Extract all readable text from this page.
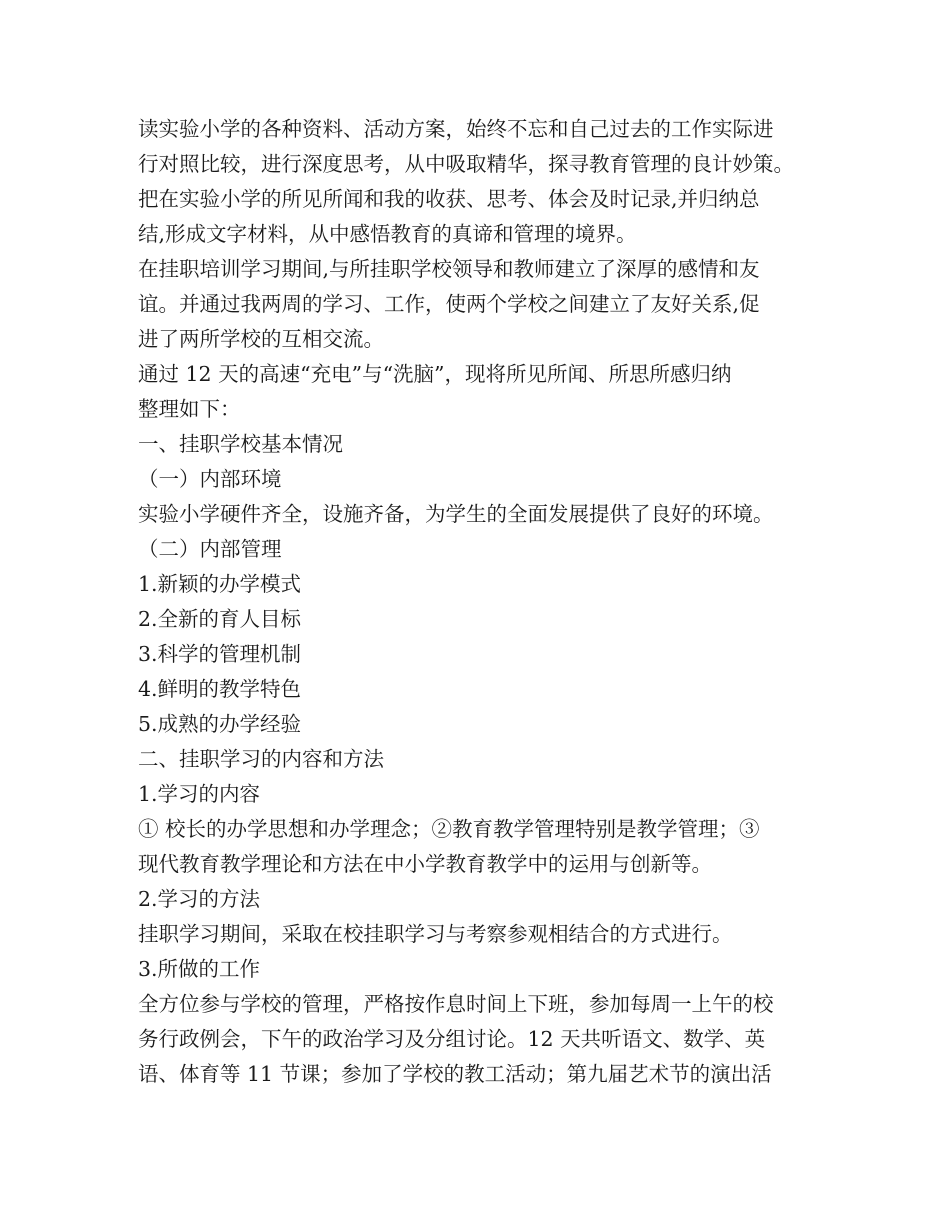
读实验小学的各种资料、活动方案，始终不忘和自己过去的工作实际进
行对照比较，进行深度思考，从中吸取精华，探寻教育管理的良计妙策。
把在实验小学的所见所闻和我的收获、思考、体会及时记录,并归纳总
结,形成文字材料，从中感悟教育的真谛和管理的境界。
在挂职培训学习期间,与所挂职学校领导和教师建立了深厚的感情和友
谊。并通过我两周的学习、工作，使两个学校之间建立了友好关系,促
进了两所学校的互相交流。
通过 12 天的高速“充电”与“洗脑”，现将所见所闻、所思所感归纳
整理如下：
一、挂职学校基本情况
（一）内部环境
实验小学硬件齐全，设施齐备，为学生的全面发展提供了良好的环境。
（二）内部管理
1.新颖的办学模式
2.全新的育人目标
3.科学的管理机制
4.鲜明的教学特色
5.成熟的办学经验
二、挂职学习的内容和方法
1.学习的内容
① 校长的办学思想和办学理念；②教育教学管理特别是教学管理；③
现代教育教学理论和方法在中小学教育教学中的运用与创新等。
2.学习的方法
挂职学习期间，采取在校挂职学习与考察参观相结合的方式进行。
3.所做的工作
全方位参与学校的管理，严格按作息时间上下班，参加每周一上午的校
务行政例会，下午的政治学习及分组讨论。12 天共听语文、数学、英
语、体育等 11 节课；参加了学校的教工活动；第九届艺术节的演出活
